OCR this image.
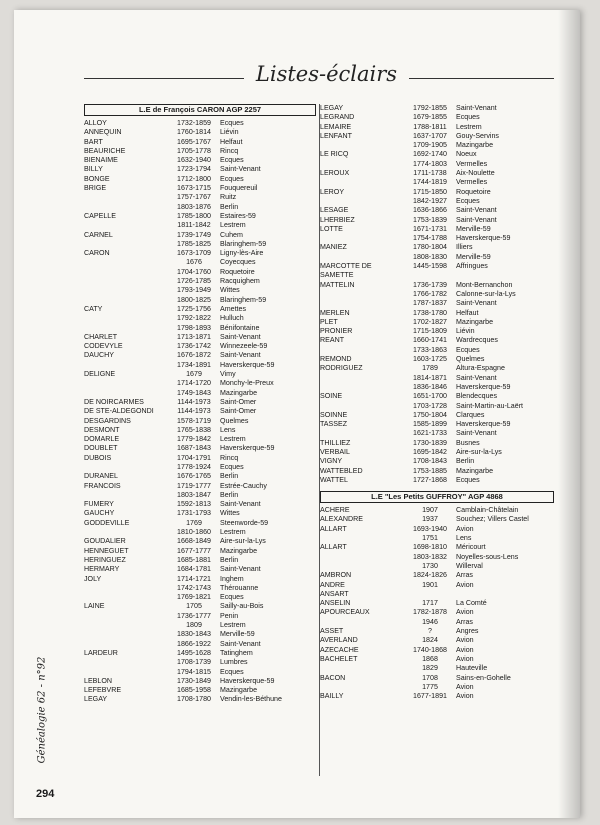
Listes-éclairs
L.E de François CARON AGP 2257
ALLOY	1732-1859	Ecques
ANNEQUIN	1760-1814	Liévin
BART	1695-1767	Helfaut
BEAURICHE	1705-1778	Rincq
BIENAIME	1632-1940	Ecques
BILLY	1723-1794	Saint-Venant
BONGE	1712-1800	Ecques
BRIGE	1673-1715	Fouquereuil
1757-1767	Ruitz
1803-1876	Berlin
CAPELLE	1785-1800	Estaires-59
1811-1842	Lestrem
CARNEL	1739-1749	Cuhem
1785-1825	Blaringhem-59
CARON	1673-1709	Ligny-lès-Aire
1676	Coyecques
1704-1760	Roquetoire
1726-1785	Racquighem
1793-1949	Wittes
1800-1825	Blaringhem-59
CATY	1725-1756	Amettes
1792-1822	Hulluch
1798-1893	Bénifontaine
CHARLET	1713-1871	Saint-Venant
CODEVYLE	1736-1742	Winnezeele-59
DAUCHY	1676-1872	Saint-Venant
1734-1891	Haverskerque-59
DELIGNE	1679	Vimy
1714-1720	Monchy-le-Preux
1749-1843	Mazingarbe
DE NOIRCARMES	1144-1973	Saint-Omer
DE STE-ALDEGONDI	1144-1973	Saint-Omer
DESGARDINS	1578-1719	Quelmes
DESMONT	1765-1838	Lens
DOMARLE	1779-1842	Lestrem
DOUBLET	1687-1843	Haverskerque-59
DUBOIS	1704-1791	Rincq
1778-1924	Ecques
DURANEL	1676-1765	Berlin
FRANCOIS	1719-1777	Estrée-Cauchy
1803-1847	Berlin
FUMERY	1592-1813	Saint-Venant
GAUCHY	1731-1793	Wittes
GODDEVILLE	1769	Steenworde-59
1810-1860	Lestrem
GOUDALIER	1668-1849	Aire-sur-la-Lys
HENNEGUET	1677-1777	Mazingarbe
HERINGUEZ	1685-1881	Berlin
HERMARY	1684-1781	Saint-Venant
JOLY	1714-1721	Inghem
1742-1743	Thérouanne
1769-1821	Ecques
LAINE	1705	Sailly-au-Bois
1736-1777	Penin
1809	Lestrem
1830-1843	Merville-59
1866-1922	Saint-Venant
LARDEUR	1495-1628	Tatinghem
1708-1739	Lumbres
1794-1815	Ecques
LEBLON	1730-1849	Haverskerque-59
LEFEBVRE	1685-1958	Mazingarbe
LEGAY	1708-1780	Vendin-les-Béthune
LEGAY	1792-1855	Saint-Venant
LEGRAND	1679-1855	Ecques
LEMAIRE	1788-1811	Lestrem
LENFANT	1637-1707	Gouy-Servins
1709-1905	Mazingarbe
LE RICQ	1692-1740	Noeux
1774-1803	Vermelles
LEROUX	1711-1738	Aix-Noulette
1744-1819	Vermelles
LEROY	1715-1850	Roquetoire
1842-1927	Ecques
LESAGE	1636-1866	Saint-Venant
LHERBIEZ	1753-1839	Saint-Venant
LOTTE	1671-1731	Merville-59
1754-1788	Haverskerque-59
MANIEZ	1780-1804	Illiers
1808-1830	Merville-59
MARCOTTE DE	1445-1598	Affringues
SAMETTE
MATTELIN	1736-1739	Mont-Bernanchon
1766-1782	Calonne-sur-la-Lys
1787-1837	Saint-Venant
MERLEN	1738-1780	Helfaut
PLET	1702-1827	Mazingarbe
PRONIER	1715-1809	Liévin
REANT	1660-1741	Wardrecques
1733-1863	Ecques
REMOND	1603-1725	Quelmes
RODRIGUEZ	1789	Altura-Espagne
1814-1871	Saint-Venant
1836-1846	Haverskerque-59
SOINE	1651-1700	Blendecques
1703-1728	Saint-Martin-au-Laërt
SOINNE	1750-1804	Clarques
TASSEZ	1585-1899	Haverskerque-59
1621-1733	Saint-Venant
THILLIEZ	1730-1839	Busnes
VERBAIL	1695-1842	Aire-sur-la-Lys
VIGNY	1708-1843	Berlin
WATTEBLED	1753-1885	Mazingarbe
WATTEL	1727-1868	Ecques
L.E "Les Petits GUFFROY" AGP 4868
ACHERE	1907	Camblain-Châtelain
ALEXANDRE	1937	Souchez; Villers Castel
ALLART	1693-1940	Avion
1751	Lens
ALLART	1698-1810	Méricourt
1803-1832	Noyelles-sous-Lens
1730	Willerval
AMBRON	1824-1826	Arras
ANDRE	1901	Avion
ANSART
ANSELIN	1717	La Comté
APOURCEAUX	1782-1878	Avion
1946	Arras
ASSET	?	Angres
AVERLAND	1824	Avion
AZECACHE	1740-1868	Avion
BACHELET	1868	Avion
1829	Hauteville
BACON	1708	Sains-en-Gohelle
1775	Avion
BAILLY	1677-1891	Avion
Généalogie 62 - n°92
294
